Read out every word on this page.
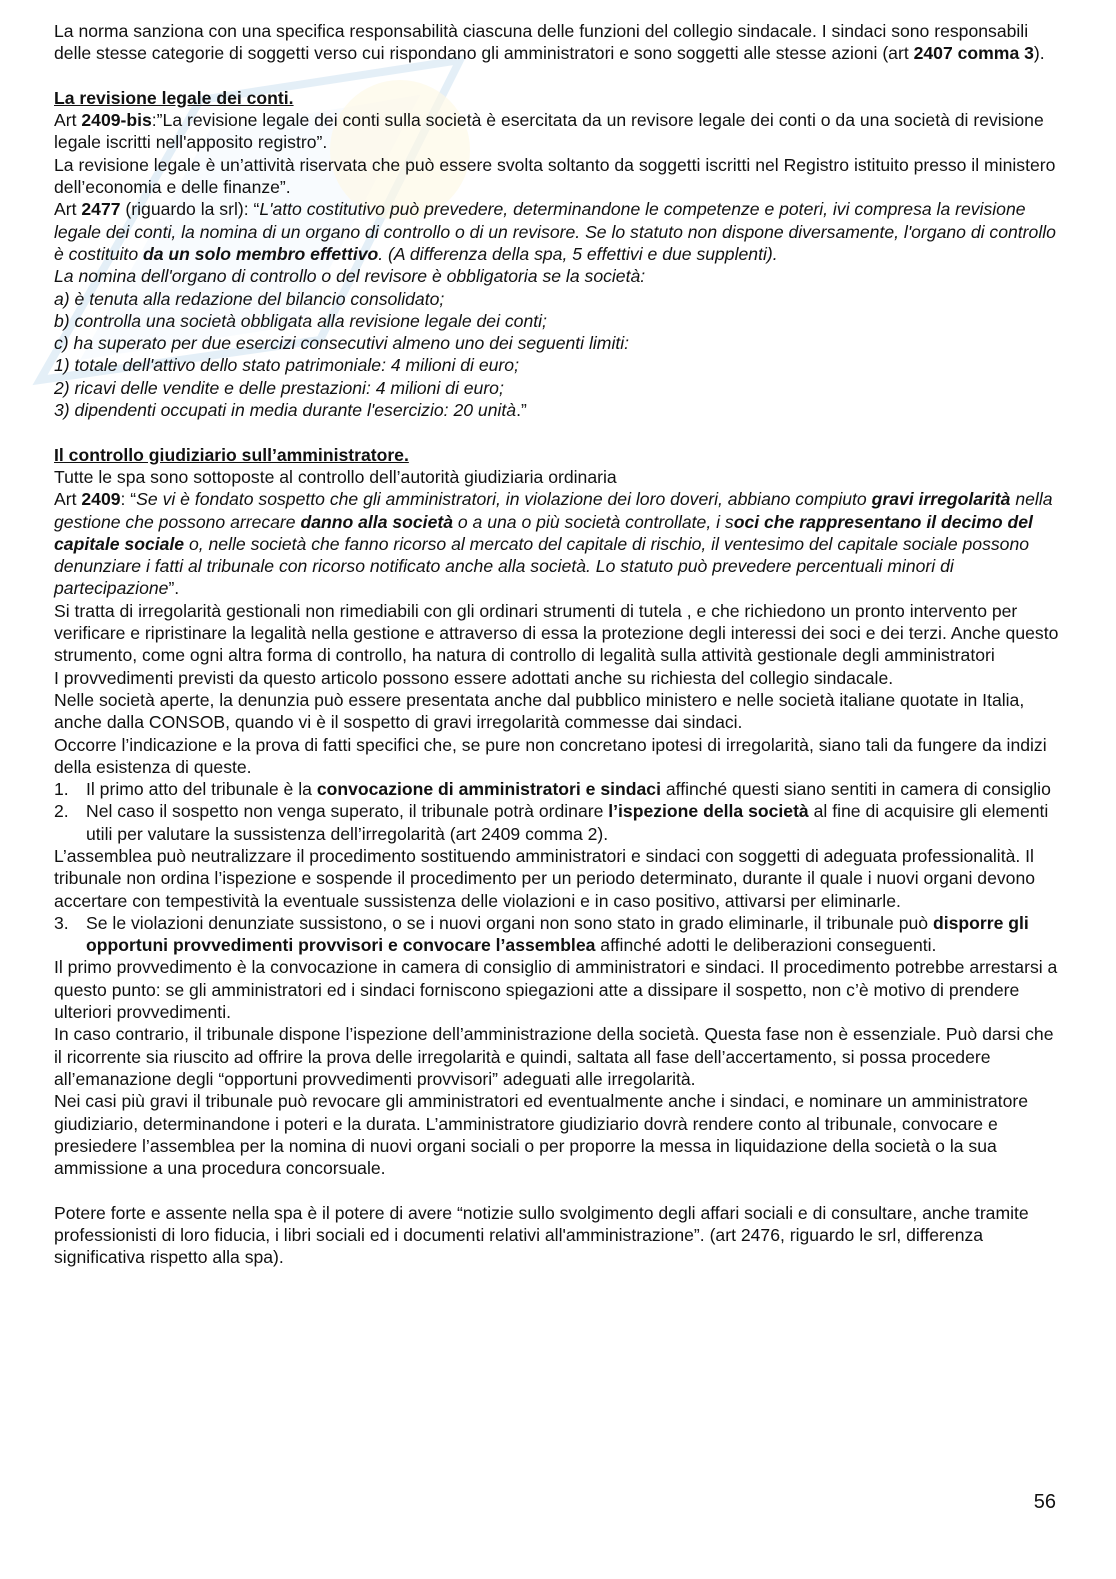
La norma sanziona con una specifica responsabilità ciascuna delle funzioni del collegio sindacale. I sindaci sono responsabili delle stesse categorie di soggetti verso cui rispondano gli amministratori e sono soggetti alle stesse azioni (art 2407 comma 3).

La revisione legale dei conti.

Art 2409-bis:”La revisione legale dei conti sulla società è esercitata da un revisore legale dei conti o da una società di revisione legale iscritti nell'apposito registro”.

La revisione legale è un’attività riservata che può essere svolta soltanto da soggetti iscritti nel Registro istituito presso il ministero dell’economia e delle finanze”.

Art 2477 (riguardo la srl): “L'atto costitutivo può prevedere, determinandone le competenze e poteri, ivi compresa la revisione legale dei conti, la nomina di un organo di controllo o di un revisore. Se lo statuto non dispone diversamente, l'organo di controllo è costituito da un solo membro effettivo. (A differenza della spa, 5 effettivi e due supplenti).

La nomina dell'organo di controllo o del revisore è obbligatoria se la società:

a) è tenuta alla redazione del bilancio consolidato;

b) controlla una società obbligata alla revisione legale dei conti;

c) ha superato per due esercizi consecutivi almeno uno dei seguenti limiti:

1) totale dell'attivo dello stato patrimoniale: 4 milioni di euro;

2) ricavi delle vendite e delle prestazioni: 4 milioni di euro;

3) dipendenti occupati in media durante l'esercizio: 20 unità.”

Il controllo giudiziario sull’amministratore.

Tutte le spa sono sottoposte al controllo dell’autorità giudiziaria ordinaria

Art 2409: “Se vi è fondato sospetto che gli amministratori, in violazione dei loro doveri, abbiano compiuto gravi irregolarità nella gestione che possono arrecare danno alla società o a una o più società controllate, i soci che rappresentano il decimo del capitale sociale o, nelle società che fanno ricorso al mercato del capitale di rischio, il ventesimo del capitale sociale possono denunziare i fatti al tribunale con ricorso notificato anche alla società. Lo statuto può prevedere percentuali minori di partecipazione”.

Si tratta di irregolarità gestionali non rimediabili con gli ordinari strumenti di tutela , e che richiedono un pronto intervento per verificare e ripristinare la legalità nella gestione e attraverso di essa la protezione degli interessi dei soci e dei terzi. Anche questo strumento, come ogni altra forma di controllo, ha natura di controllo di legalità sulla attività gestionale degli amministratori

I provvedimenti previsti da questo articolo possono essere adottati anche su richiesta del collegio sindacale.

Nelle società aperte, la denunzia può essere presentata anche dal pubblico ministero e nelle società italiane quotate in Italia, anche dalla CONSOB, quando vi è il sospetto di gravi irregolarità commesse dai sindaci.

Occorre l’indicazione e la prova di fatti specifici che, se pure non concretano ipotesi di irregolarità, siano tali da fungere da indizi della esistenza di queste.

1. Il primo atto del tribunale è la convocazione di amministratori e sindaci affinché questi siano sentiti in camera di consiglio
2. Nel caso il sospetto non venga superato, il tribunale potrà ordinare l’ispezione della società al fine di acquisire gli elementi utili per valutare la sussistenza dell’irregolarità (art 2409 comma 2).

L’assemblea può neutralizzare il procedimento sostituendo amministratori e sindaci con soggetti di adeguata professionalità. Il tribunale non ordina l’ispezione e sospende il procedimento per un periodo determinato, durante il quale i nuovi organi devono accertare con tempestività la eventuale sussistenza delle violazioni e in caso positivo, attivarsi per eliminarle.

3. Se le violazioni denunziate sussistono, o se i nuovi organi non sono stato in grado eliminarle, il tribunale può disporre gli opportuni provvedimenti provvisori e convocare l’assemblea affinché adotti le deliberazioni conseguenti.

Il primo provvedimento è la convocazione in camera di consiglio di amministratori e sindaci. Il procedimento potrebbe arrestarsi a questo punto: se gli amministratori ed i sindaci forniscono spiegazioni atte a dissipare il sospetto, non c’è motivo di prendere ulteriori provvedimenti.

In caso contrario, il tribunale dispone l’ispezione dell’amministrazione della società. Questa fase non è essenziale. Può darsi che il ricorrente sia riuscito ad offrire la prova delle irregolarità e quindi, saltata all fase dell’accertamento, si possa procedere all’emanazione degli “opportuni provvedimenti provvisori” adeguati alle irregolarità.

Nei casi più gravi il tribunale può revocare gli amministratori ed eventualmente anche i sindaci, e nominare un amministratore giudiziario, determinandone i poteri e la durata. L’amministratore giudiziario dovrà rendere conto al tribunale, convocare e presiedere l’assemblea per la nomina di nuovi organi sociali o per proporre la messa in liquidazione della società o la sua ammissione a una procedura concorsuale.

Potere forte e assente nella spa è il potere di avere “notizie sullo svolgimento degli affari sociali e di consultare, anche tramite professionisti di loro fiducia, i libri sociali ed i documenti relativi all'amministrazione”. (art 2476, riguardo le srl, differenza significativa rispetto alla spa).

56
